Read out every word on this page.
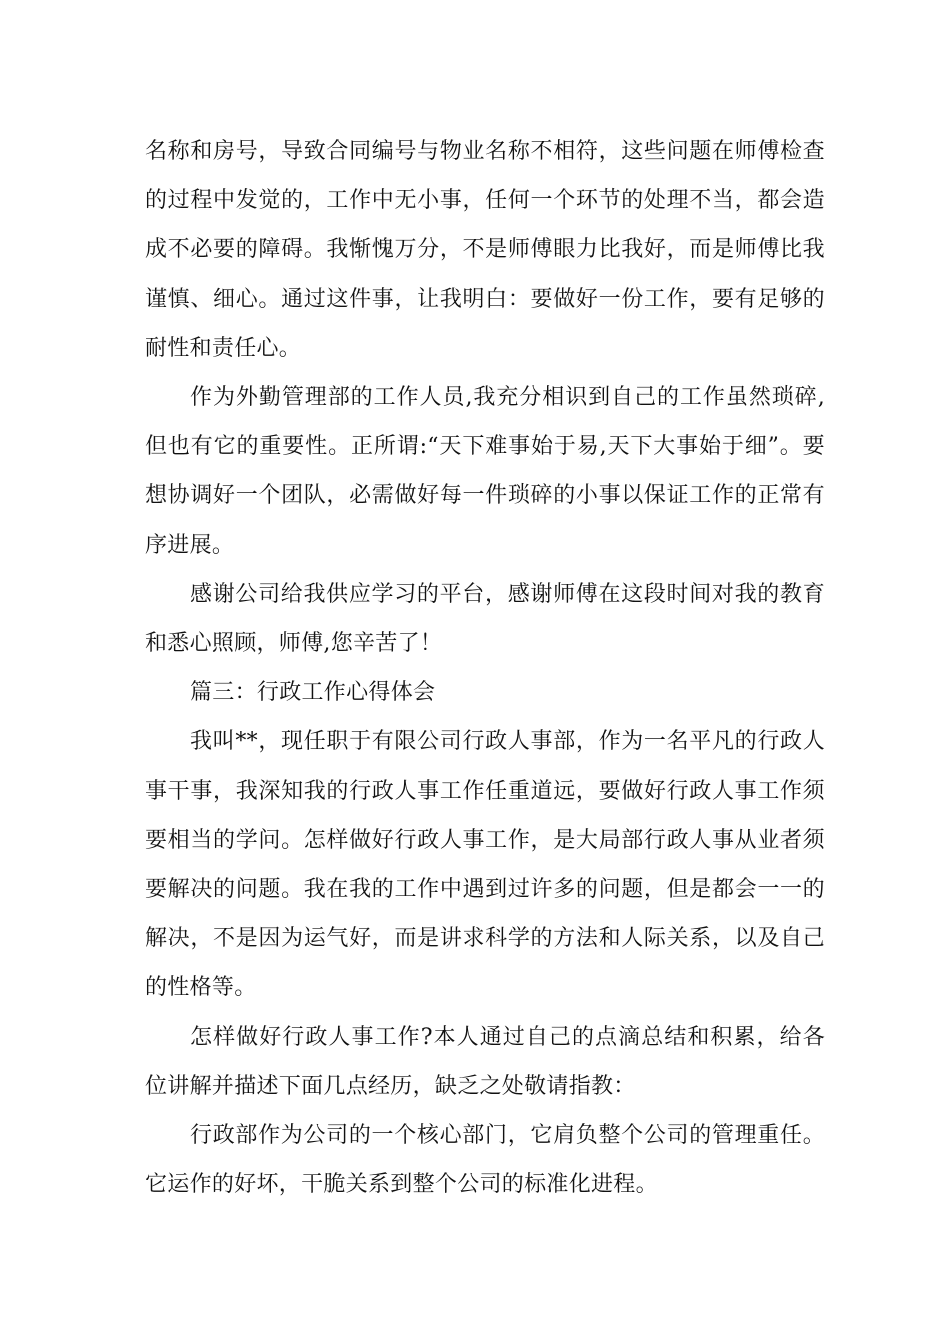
名称和房号，导致合同编号与物业名称不相符，这些问题在师傅检查的过程中发觉的，工作中无小事，任何一个环节的处理不当，都会造成不必要的障碍。我惭愧万分，不是师傅眼力比我好，而是师傅比我谨慎、细心。通过这件事，让我明白：要做好一份工作，要有足够的耐性和责任心。

作为外勤管理部的工作人员,我充分相识到自己的工作虽然琐碎,但也有它的重要性。正所谓:“天下难事始于易,天下大事始于细”。要想协调好一个团队，必需做好每一件琐碎的小事以保证工作的正常有序进展。

感谢公司给我供应学习的平台，感谢师傅在这段时间对我的教育和悉心照顾，师傅,您辛苦了！

篇三：行政工作心得体会

我叫**，现任职于有限公司行政人事部，作为一名平凡的行政人事干事，我深知我的行政人事工作任重道远，要做好行政人事工作须要相当的学问。怎样做好行政人事工作，是大局部行政人事从业者须要解决的问题。我在我的工作中遇到过许多的问题，但是都会一一的解决，不是因为运气好，而是讲求科学的方法和人际关系，以及自己的性格等。

怎样做好行政人事工作?本人通过自己的点滴总结和积累，给各位讲解并描述下面几点经历，缺乏之处敬请指教：

行政部作为公司的一个核心部门，它肩负整个公司的管理重任。它运作的好坏，干脆关系到整个公司的标准化进程。
